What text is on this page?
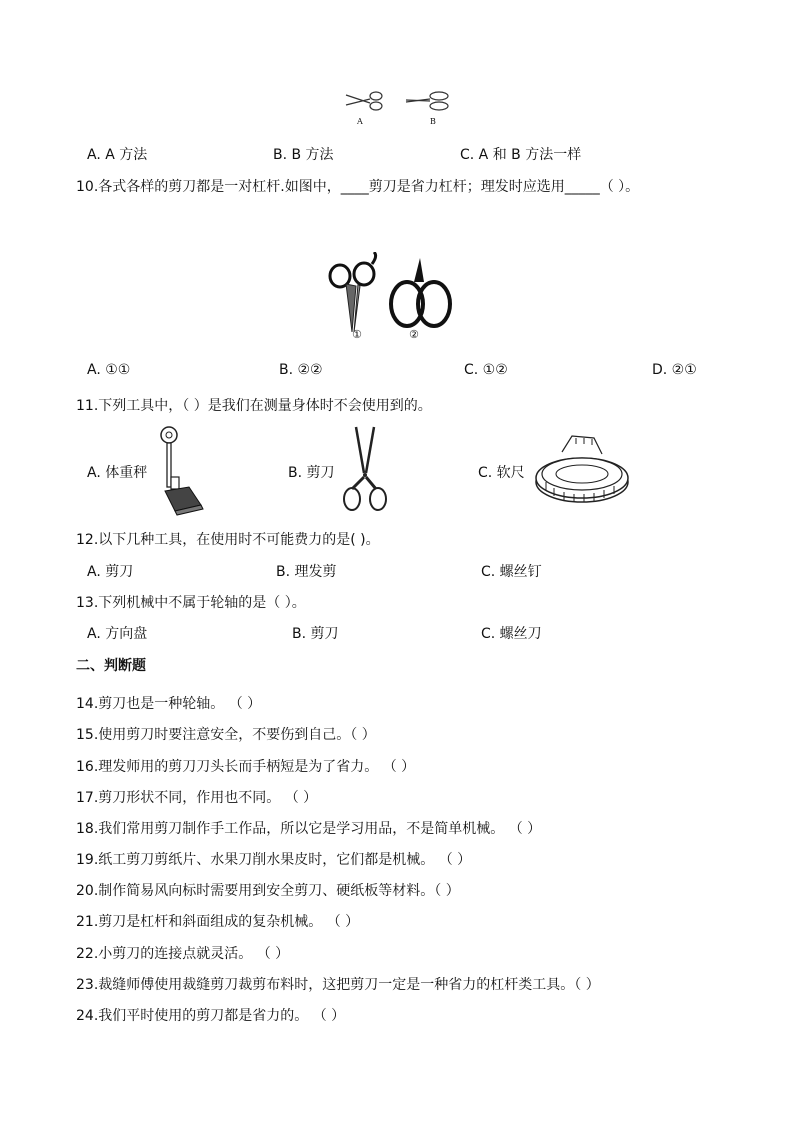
A	B
A. A 方法	B. B 方法	C. A 和 B 方法一样
10.各式各样的剪刀都是一对杠杆.如图中，____剪刀是省力杠杆；理发时应选用_____（ ）。
①	②
A. ①①	B. ②②	C. ①②	D. ②①
11.下列工具中，（ ）是我们在测量身体时不会使用到的。
A. 体重秤	B. 剪刀	C. 软尺
12.以下几种工具，在使用时不可能费力的是( )。
A. 剪刀	B. 理发剪	C. 螺丝钉
13.下列机械中不属于轮轴的是（ ）。
A. 方向盘	B. 剪刀	C. 螺丝刀
二、判断题
14.剪刀也是一种轮轴。 （ ）
15.使用剪刀时要注意安全，不要伤到自己。（ ）
16.理发师用的剪刀刀头长而手柄短是为了省力。 （ ）
17.剪刀形状不同，作用也不同。 （ ）
18.我们常用剪刀制作手工作品，所以它是学习用品，不是简单机械。 （ ）
19.纸工剪刀剪纸片、水果刀削水果皮时，它们都是机械。 （ ）
20.制作简易风向标时需要用到安全剪刀、硬纸板等材料。（ ）
21.剪刀是杠杆和斜面组成的复杂机械。 （ ）
22.小剪刀的连接点就灵活。 （ ）
23.裁缝师傅使用裁缝剪刀裁剪布料时，这把剪刀一定是一种省力的杠杆类工具。（ ）
24.我们平时使用的剪刀都是省力的。 （ ）
